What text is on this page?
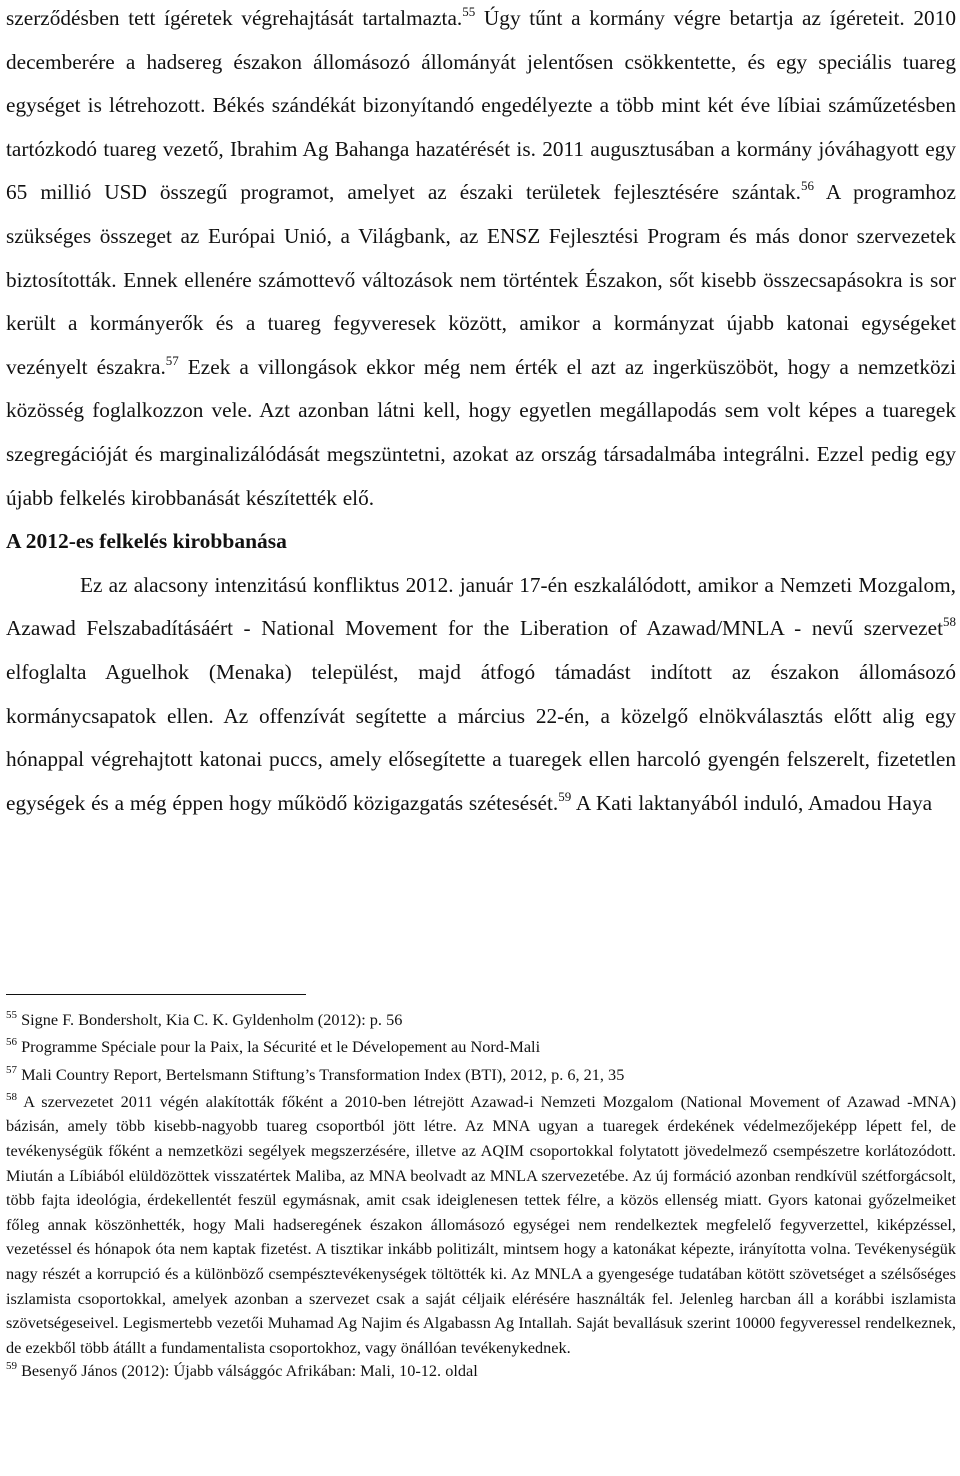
szerződésben tett ígéretek végrehajtását tartalmazta.$^{55}$ Úgy tűnt a kormány végre betartja az ígéreteit. 2010 decemberére a hadsereg északon állomásozó állományát jelentősen csökkentette, és egy speciális tuareg egységet is létrehozott. Békés szándékát bizonyítandó engedélyezte a több mint két éve líbiai száműzetésben tartózkodó tuareg vezető, Ibrahim Ag Bahanga hazatérését is. 2011 augusztusában a kormány jóváhagyott egy 65 millió USD összegű programot, amelyet az északi területek fejlesztésére szántak.$^{56}$ A programhoz szükséges összeget az Európai Unió, a Világbank, az ENSZ Fejlesztési Program és más donor szervezetek biztosították. Ennek ellenére számottevő változások nem történtek Északon, sőt kisebb összecsapásokra is sor került a kormányerők és a tuareg fegyveresek között, amikor a kormányzat újabb katonai egységeket vezényelt északra.$^{57}$ Ezek a villongások ekkor még nem érték el azt az ingerküszöböt, hogy a nemzetközi közösség foglalkozzon vele. Azt azonban látni kell, hogy egyetlen megállapodás sem volt képes a tuaregek szegregációját és marginalizálódását megszüntetni, azokat az ország társadalmába integrálni. Ezzel pedig egy újabb felkelés kirobbanását készítették elő.

A 2012-es felkelés kirobbanása

Ez az alacsony intenzitású konfliktus 2012. január 17-én eszkalálódott, amikor a Nemzeti Mozgalom, Azawad Felszabadításáért - National Movement for the Liberation of Azawad/MNLA - nevű szervezet$^{58}$ elfoglalta Aguelhok (Menaka) települést, majd átfogó támadást indított az északon állomásozó kormánycsapatok ellen. Az offenzívát segítette a március 22-én, a közelgő elnökválasztás előtt alig egy hónappal végrehajtott katonai puccs, amely elősegítette a tuaregek ellen harcoló gyengén felszerelt, fizetetlen egységek és a még éppen hogy működő közigazgatás szétesését.$^{59}$ A Kati laktanyából induló, Amadou Haya

$^{55}$ Signe F. Bondersholt, Kia C. K. Gyldenholm (2012): p. 56

$^{56}$ Programme Spéciale pour la Paix, la Sécurité et le Dévelopement au Nord-Mali

$^{57}$ Mali Country Report, Bertelsmann Stiftung’s Transformation Index (BTI), 2012, p. 6, 21, 35

$^{58}$ A szervezetet 2011 végén alakították főként a 2010-ben létrejött Azawad-i Nemzeti Mozgalom (National Movement of Azawad -MNA) bázisán, amely több kisebb-nagyobb tuareg csoportból jött létre. Az MNA ugyan a tuaregek érdekének védelmezőjeképp lépett fel, de tevékenységük főként a nemzetközi segélyek megszerzésére, illetve az AQIM csoportokkal folytatott jövedelmező csempészetre korlátozódott. Miután a Líbiából elüldözöttek visszatértek Maliba, az MNA beolvadt az MNLA szervezetébe. Az új formáció azonban rendkívül szétforgácsolt, több fajta ideológia, érdekellentét feszül egymásnak, amit csak ideiglenesen tettek félre, a közös ellenség miatt. Gyors katonai győzelmeiket főleg annak köszönhették, hogy Mali hadseregének északon állomásozó egységei nem rendelkeztek megfelelő fegyverzettel, kiképzéssel, vezetéssel és hónapok óta nem kaptak fizetést. A tisztikar inkább politizált, mintsem hogy a katonákat képezte, irányította volna. Tevékenységük nagy részét a korrupció és a különböző csempésztevékenységek töltötték ki. Az MNLA a gyengesége tudatában kötött szövetséget a szélsőséges iszlamista csoportokkal, amelyek azonban a szervezet csak a saját céljaik elérésére használták fel. Jelenleg harcban áll a korábbi iszlamista szövetségeseivel. Legismertebb vezetői Muhamad Ag Najim és Algabassn Ag Intallah. Saját bevallásuk szerint 10000 fegyveressel rendelkeznek, de ezekből több átállt a fundamentalista csoportokhoz, vagy önállóan tevékenykednek.

$^{59}$ Besenyő János (2012): Újabb válsággóc Afrikában: Mali, 10-12. oldal
